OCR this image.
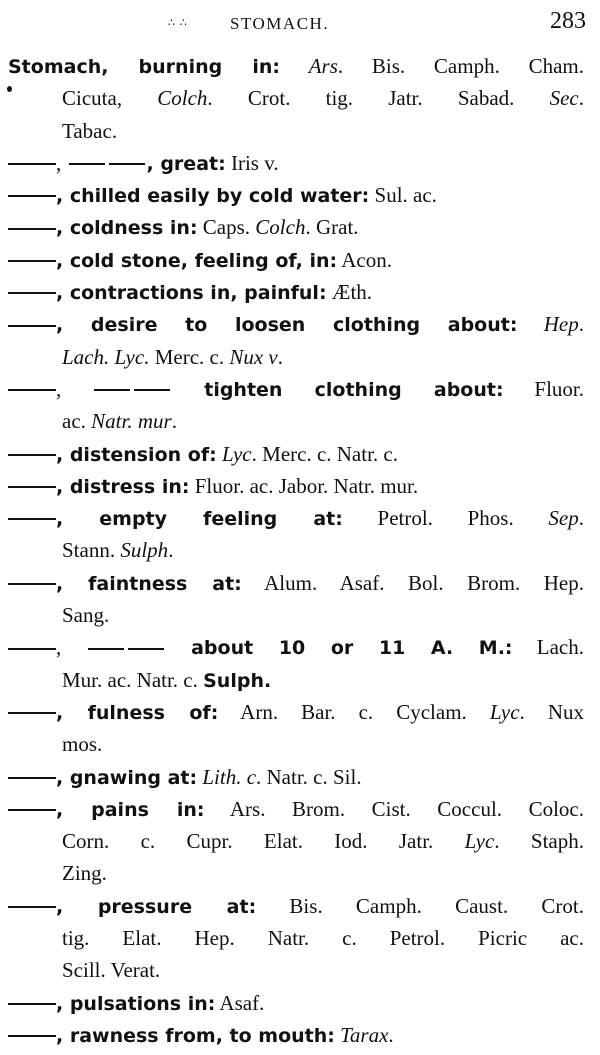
∴ ∴ STOMACH.	283
Stomach, burning in: Ars. Bis. Camph. Cham.
Cicuta, Colch. Crot. tig. Jatr. Sabad. Sec.
Tabac.
,	, great: Iris v.
, chilled easily by cold water: Sul. ac.
, coldness in: Caps. Colch. Grat.
, cold stone, feeling of, in: Acon.
, contractions in, painful: Æth.
, desire to loosen clothing about: Hep.
Lach. Lyc. Merc. c. Nux v.
,	tighten clothing about: Fluor.
ac. Natr. mur.
, distension of: Lyc. Merc. c. Natr. c.
, distress in: Fluor. ac. Jabor. Natr. mur.
, empty feeling at: Petrol. Phos. Sep.
Stann. Sulph.
, faintness at: Alum. Asaf. Bol. Brom. Hep.
Sang.
,	about 10 or 11 A. M.: Lach.
Mur. ac. Natr. c. Sulph.
, fulness of: Arn. Bar. c. Cyclam. Lyc. Nux
mos.
, gnawing at: Lith. c. Natr. c. Sil.
, pains in: Ars. Brom. Cist. Coccul. Coloc.
Corn. c. Cupr. Elat. Iod. Jatr. Lyc. Staph.
Zing.
, pressure at: Bis. Camph. Caust. Crot.
tig. Elat. Hep. Natr. c. Petrol. Picric ac.
Scill. Verat.
, pulsations in: Asaf.
, rawness from, to mouth: Tarax.
